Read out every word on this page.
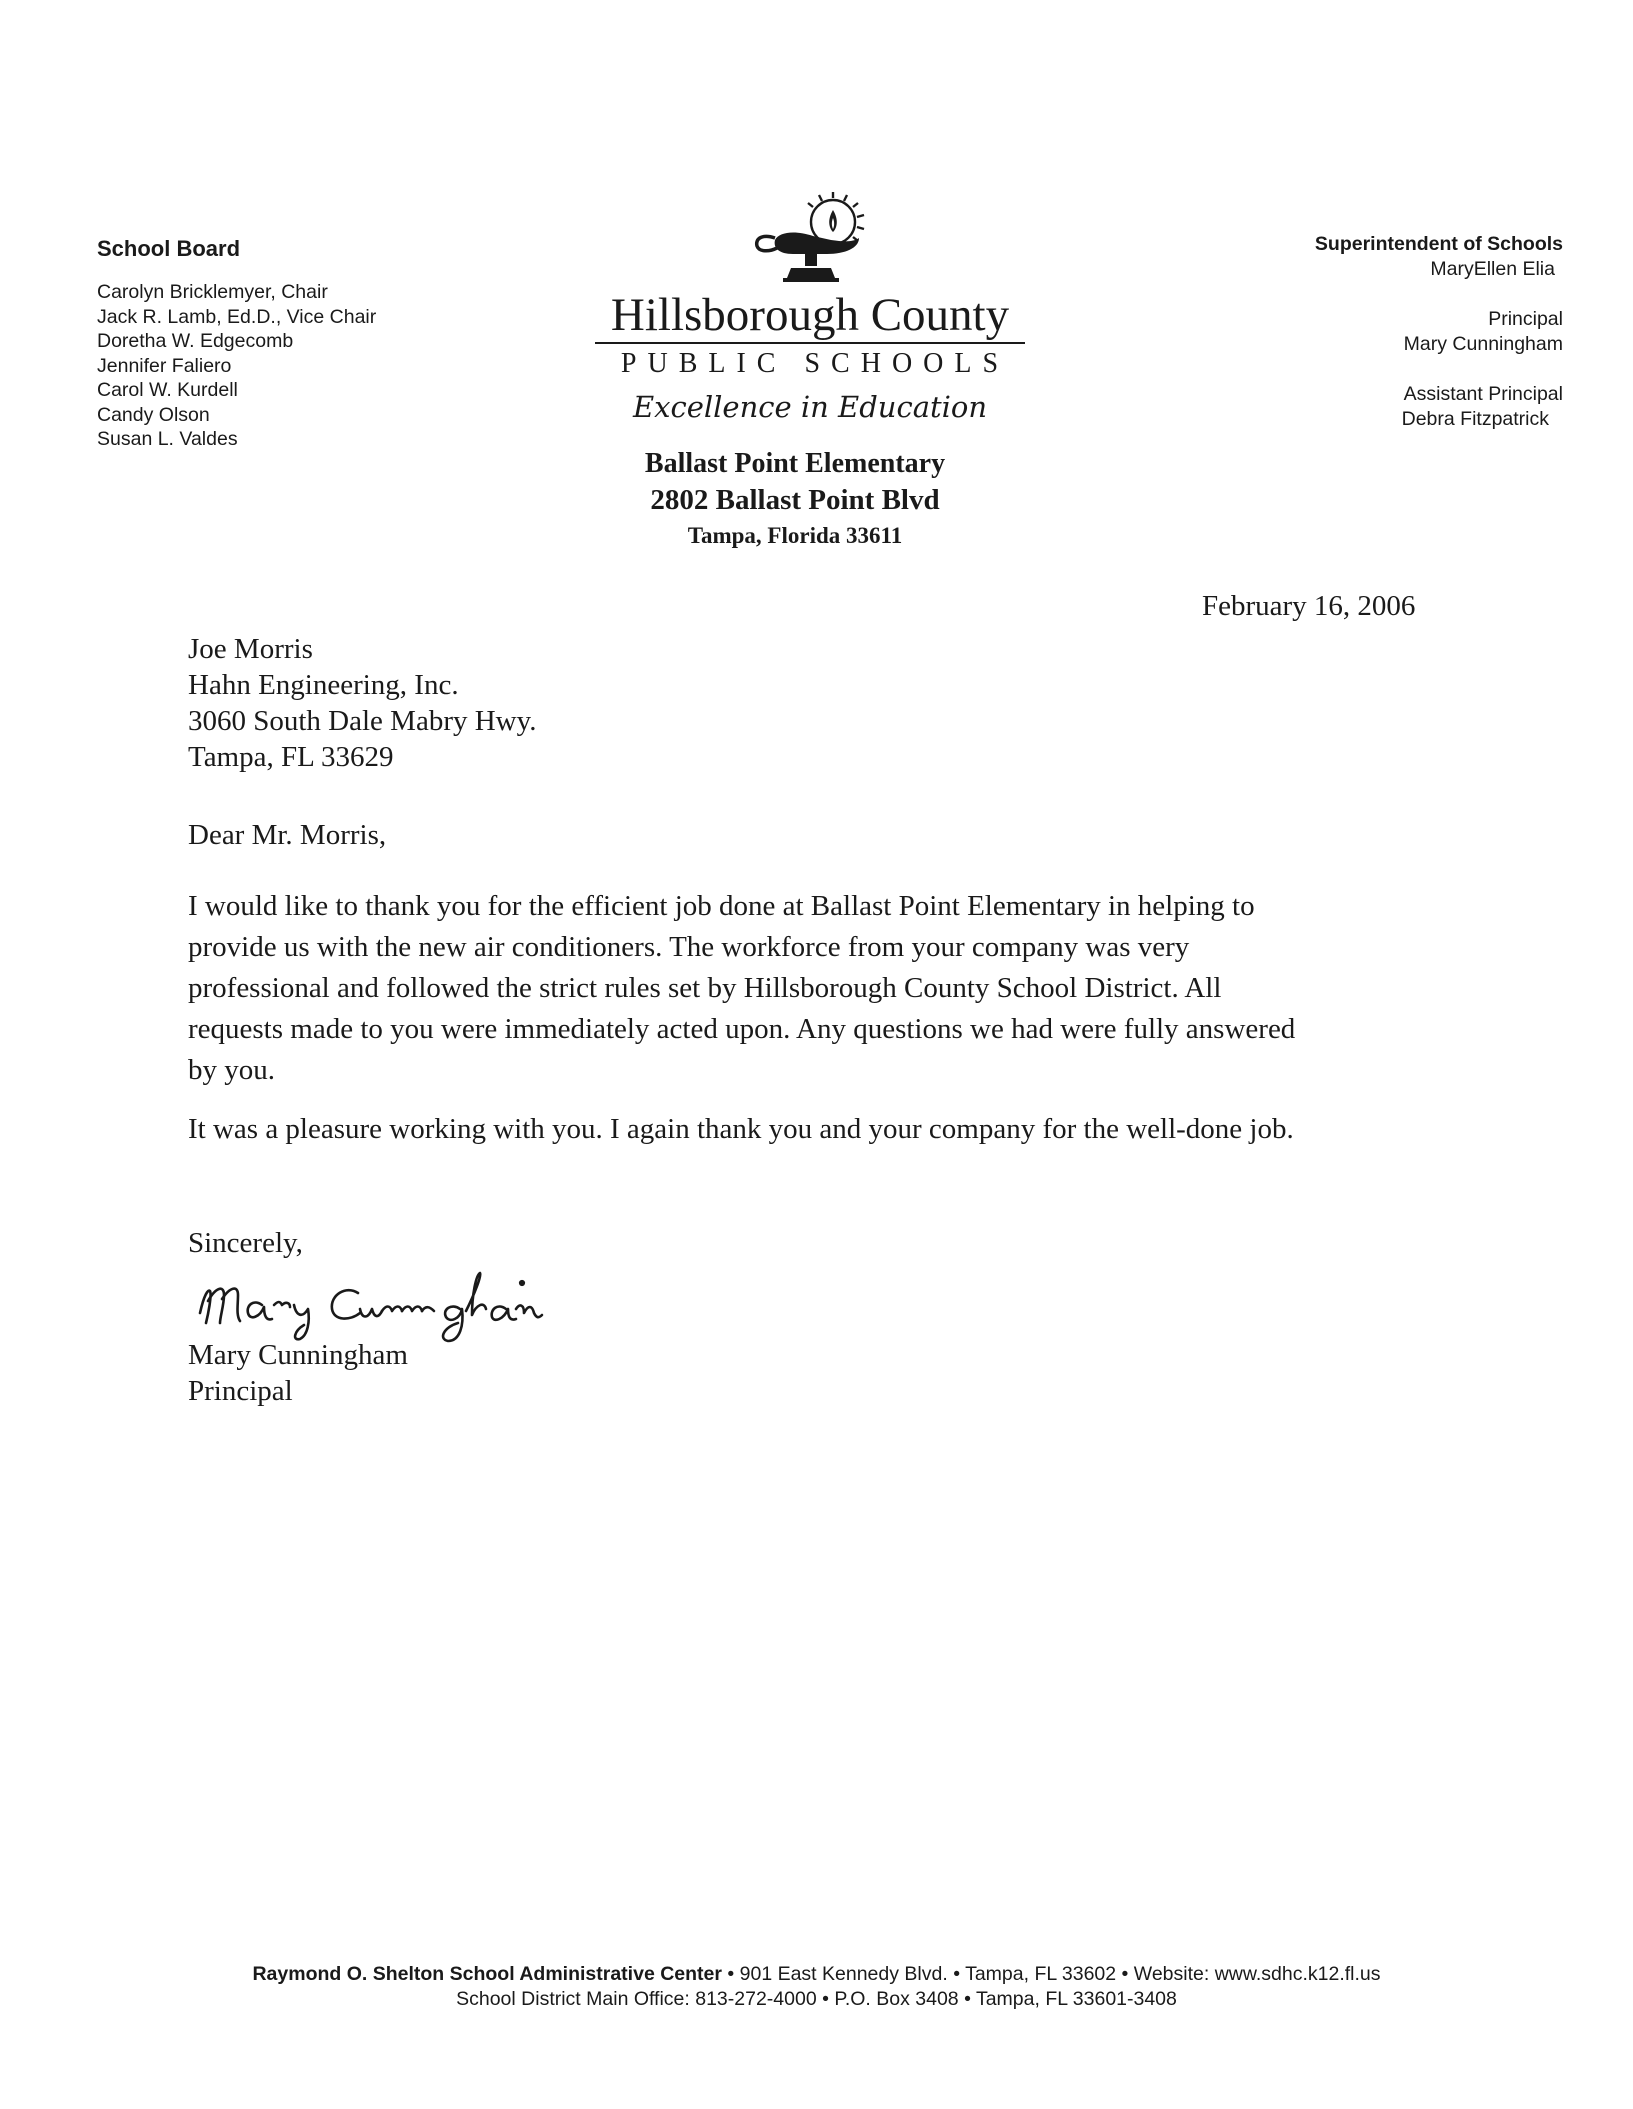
School Board
Carolyn Bricklemyer, Chair
Jack R. Lamb, Ed.D., Vice Chair
Doretha W. Edgecomb
Jennifer Faliero
Carol W. Kurdell
Candy Olson
Susan L. Valdes
Hillsborough County
PUBLIC SCHOOLS
Excellence in Education
Ballast Point Elementary
2802 Ballast Point Blvd
Tampa, Florida 33611
Superintendent of Schools
MaryEllen Elia
Principal
Mary Cunningham
Assistant Principal
Debra Fitzpatrick
February 16, 2006
Joe Morris
Hahn Engineering, Inc.
3060 South Dale Mabry Hwy.
Tampa, FL 33629
Dear Mr. Morris,
I would like to thank you for the efficient job done at Ballast Point Elementary in helping to
provide us with the new air conditioners. The workforce from your company was very
professional and followed the strict rules set by Hillsborough County School District. All
requests made to you were immediately acted upon. Any questions we had were fully answered
by you.
It was a pleasure working with you. I again thank you and your company for the well-done job.
Sincerely,
Mary Cunningham
Principal
Raymond O. Shelton School Administrative Center • 901 East Kennedy Blvd. • Tampa, FL 33602 • Website: www.sdhc.k12.fl.us
School District Main Office: 813-272-4000 • P.O. Box 3408 • Tampa, FL 33601-3408
